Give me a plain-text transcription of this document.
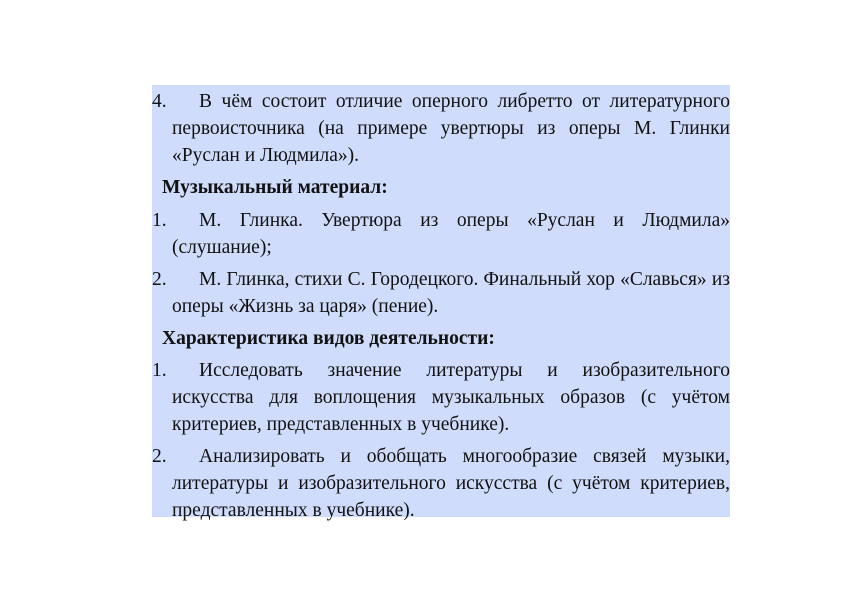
4. В чём состоит отличие оперного либретто от литературного первоисточника (на примере увертюры из оперы М. Глинки «Руслан и Людмила»).

Музыкальный материал:

1. М. Глинка. Увертюра из оперы «Руслан и Людмила» (слушание);

2. М. Глинка, стихи С. Городецкого. Финальный хор «Славься» из оперы «Жизнь за царя» (пение).

Характеристика видов деятельности:

1. Исследовать значение литературы и изобразительного искусства для воплощения музыкальных образов (с учётом критериев, представленных в учебнике).

2. Анализировать и обобщать многообразие связей музыки, литературы и изобразительного искусства (с учётом критериев, представленных в учебнике).
